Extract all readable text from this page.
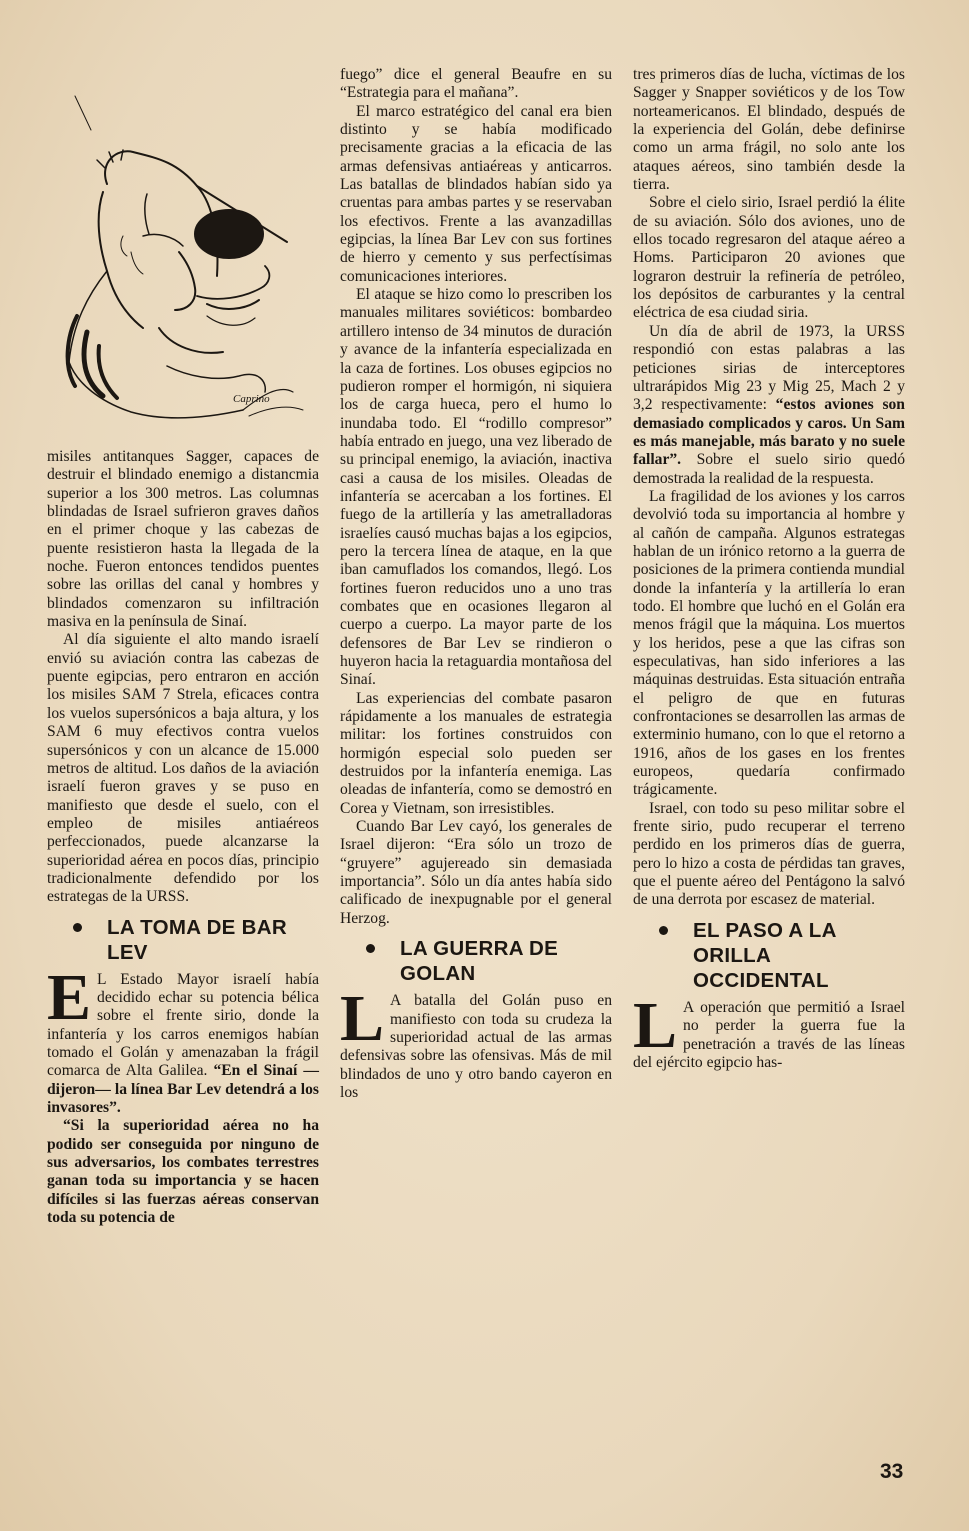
Caprino

misiles antitanques Sagger, capaces de destruir el blindado enemigo a distancmia superior a los 300 metros. Las columnas blindadas de Israel sufrieron graves daños en el primer choque y las cabezas de puente resistieron hasta la llegada de la noche. Fueron entonces tendidos puentes sobre las orillas del canal y hombres y blindados comenzaron su infiltración masiva en la península de Sinaí.

Al día siguiente el alto mando israelí envió su aviación contra las cabezas de puente egipcias, pero entraron en acción los misiles SAM 7 Strela, eficaces contra los vuelos supersónicos a baja altura, y los SAM 6 muy efectivos contra vuelos supersónicos y con un alcance de 15.000 metros de altitud. Los daños de la aviación israelí fueron graves y se puso en manifiesto que desde el suelo, con el empleo de misiles antiaéreos perfeccionados, puede alcanzarse la superioridad aérea en pocos días, principio tradicionalmente defendido por los estrategas de la URSS.

LA TOMA DE BAR LEV

E L Estado Mayor israelí había decidido echar su potencia bélica sobre el frente sirio, donde la infantería y los carros enemigos habían tomado el Golán y amenazaban la frágil comarca de Alta Galilea. “En el Sinaí —dijeron— la línea Bar Lev detendrá a los invasores”.

“Si la superioridad aérea no ha podido ser conseguida por ninguno de sus adversarios, los combates terrestres ganan toda su importancia y se hacen difíciles si las fuerzas aéreas conservan toda su potencia de

fuego” dice el general Beaufre en su “Estrategia para el mañana”.

El marco estratégico del canal era bien distinto y se había modificado precisamente gracias a la eficacia de las armas defensivas antiaéreas y anticarros. Las batallas de blindados habían sido ya cruentas para ambas partes y se reservaban los efectivos. Frente a las avanzadillas egipcias, la línea Bar Lev con sus fortines de hierro y cemento y sus perfectísimas comunicaciones interiores.

El ataque se hizo como lo prescriben los manuales militares soviéticos: bombardeo artillero intenso de 34 minutos de duración y avance de la infantería especializada en la caza de fortines. Los obuses egipcios no pudieron romper el hormigón, ni siquiera los de carga hueca, pero el humo lo inundaba todo. El “rodillo compresor” había entrado en juego, una vez liberado de su principal enemigo, la aviación, inactiva casi a causa de los misiles. Oleadas de infantería se acercaban a los fortines. El fuego de la artillería y las ametralladoras israelíes causó muchas bajas a los egipcios, pero la tercera línea de ataque, en la que iban camuflados los comandos, llegó. Los fortines fueron reducidos uno a uno tras combates que en ocasiones llegaron al cuerpo a cuerpo. La mayor parte de los defensores de Bar Lev se rindieron o huyeron hacia la retaguardia montañosa del Sinaí.

Las experiencias del combate pasaron rápidamente a los manuales de estrategia militar: los fortines construidos con hormigón especial solo pueden ser destruidos por la infantería enemiga. Las oleadas de infantería, como se demostró en Corea y Vietnam, son irresistibles.

Cuando Bar Lev cayó, los generales de Israel dijeron: “Era sólo un trozo de “gruyere” agujereado sin demasiada importancia”. Sólo un día antes había sido calificado de inexpugnable por el general Herzog.

LA GUERRA DE GOLAN

L A batalla del Golán puso en manifiesto con toda su crudeza la superioridad actual de las armas defensivas sobre las ofensivas. Más de mil blindados de uno y otro bando cayeron en los

tres primeros días de lucha, víctimas de los Sagger y Snapper soviéticos y de los Tow norteamericanos. El blindado, después de la experiencia del Golán, debe definirse como un arma frágil, no solo ante los ataques aéreos, sino también desde la tierra.

Sobre el cielo sirio, Israel perdió la élite de su aviación. Sólo dos aviones, uno de ellos tocado regresaron del ataque aéreo a Homs. Participaron 20 aviones que lograron destruir la refinería de petróleo, los depósitos de carburantes y la central eléctrica de esa ciudad siria.

Un día de abril de 1973, la URSS respondió con estas palabras a las peticiones sirias de interceptores ultrarápidos Mig 23 y Mig 25, Mach 2 y 3,2 respectivamente: “estos aviones son demasiado complicados y caros. Un Sam es más manejable, más barato y no suele fallar”. Sobre el suelo sirio quedó demostrada la realidad de la respuesta.

La fragilidad de los aviones y los carros devolvió toda su importancia al hombre y al cañón de campaña. Algunos estrategas hablan de un irónico retorno a la guerra de posiciones de la primera contienda mundial donde la infantería y la artillería lo eran todo. El hombre que luchó en el Golán era menos frágil que la máquina. Los muertos y los heridos, pese a que las cifras son especulativas, han sido inferiores a las máquinas destruidas. Esta situación entraña el peligro de que en futuras confrontaciones se desarrollen las armas de exterminio humano, con lo que el retorno a 1916, años de los gases en los frentes europeos, quedaría confirmado trágicamente.

Israel, con todo su peso militar sobre el frente sirio, pudo recuperar el terreno perdido en los primeros días de guerra, pero lo hizo a costa de pérdidas tan graves, que el puente aéreo del Pentágono la salvó de una derrota por escasez de material.

EL PASO A LA ORILLA OCCIDENTAL

L A operación que permitió a Israel no perder la guerra fue la penetración a través de las líneas del ejército egipcio has-

33
